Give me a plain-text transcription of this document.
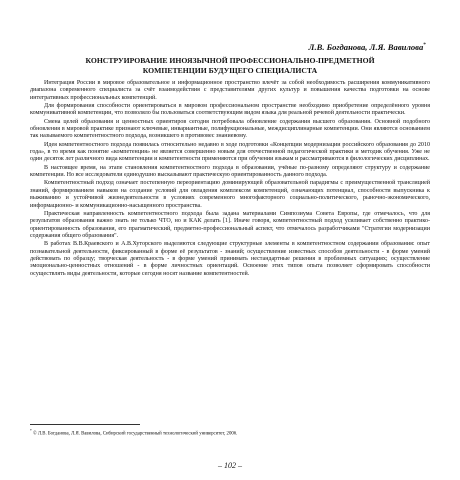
Л.В. Богданова, Л.Я. Вавилова*
КОНСТРУИРОВАНИЕ ИНОЯЗЫЧНОЙ ПРОФЕССИОНАЛЬНО-ПРЕДМЕТНОЙ
КОМПЕТЕНЦИИ БУДУЩЕГО СПЕЦИАЛИСТА

Интеграция России в мировое образовательное и информационное пространство влечёт за собой необходимость расширения коммуникативного диапазона современного специалиста за счёт взаимодействия с представителями других культур и повышения качества подготовки на основе интегративных профессиональных компетенций.

Для формирования способности ориентироваться в мировом профессиональном пространстве необходимо приобретение определённого уровня коммуникативной компетенции, что позволяло бы пользоваться соответствующим видом языка для реальной речевой деятельности практически.

Смена целей образования и ценностных ориентиров сегодня потребовала обновление содержания высшего образования. Основной подобного обновления в мировой практике признают ключевые, инвариантные, полифукциональные, междисциплинарные компетенции. Они являются основанием так называемого компетентностного подхода, возникшего в противовес знаниевому.

Идея компетентностного подхода появилась относительно недавно в ходе подготовки «Концепции модернизации российского образования до 2010 года», в то время как понятие «компетенция» не является совершенно новым для отечественной педагогической практики и методик обучения. Уже не один десяток лет различного вида компетенции и компетентности применяются при обучении языкам и рассматриваются в филологических дисциплинах.

В настоящее время, на этапе становления компетентностного подхода в образовании, учёные по-разному определяют структуру и содержание компетенции. Но все исследователи единодушно высказывают практическую ориентированность данного подхода.

Компетентностный подход означает постепенную переориентацию доминирующей образовательной парадигмы с преимущественной трансляцией знаний, формированием навыков на создание условий для овладения комплексом компетенций, означающих потенциал, способности выпускника к выживанию и устойчивой жизнедеятельности в условиях современного многофакторного социально-политического, рыночно-экономического, информационно- и коммуникационно-насыщенного пространства.

Практическая направленность компетентностного подхода была задана материалами Симпозиума Совета Европы, где отмечалось, что для результатов образования важно знать не только ЧТО, но и КАК делать [1]. Иначе говоря, компетентностный подход усиливает собственно практико-ориентированность образования, его прагматический, предметно-профессиональный аспект, что отмечалось разработчиками "Стратегии модернизации содержания общего образования".

В работах В.В.Краевского и А.В.Хуторского выделяются следующие структурные элементы в компетентностном содержании образования: опыт познавательной деятельности, фиксированный в форме её результатов - знаний; осуществление известных способов деятельности - в форме умений действовать по образцу; творческая деятельность - в форме умений принимать нестандартные решения в проблемных ситуациях; осуществление эмоционально-ценностных отношений - в форме личностных ориентаций. Освоение этих типов опыта позволяет сформировать способности осуществлять виды деятельности, которые сегодня носят название компетентностей.

* © Л.В. Богданова, Л.Я. Вавилова, Сибирский государственный технологический университет, 2006.
– 102 –
